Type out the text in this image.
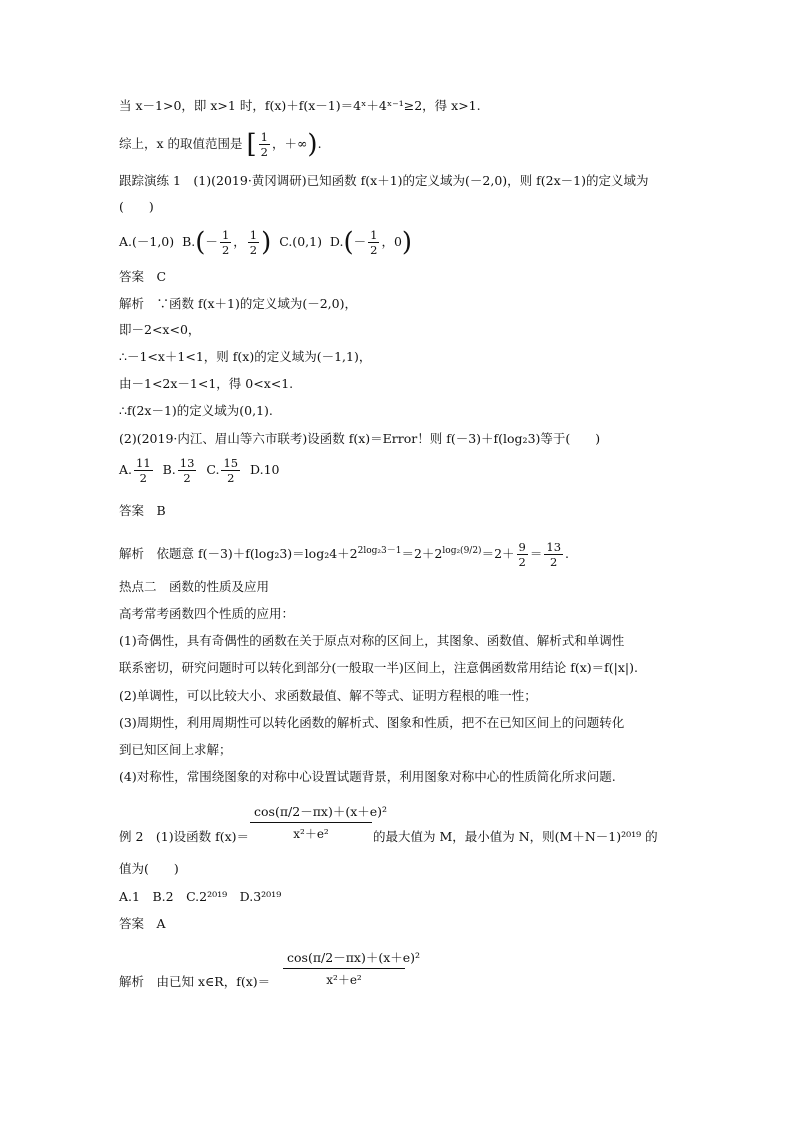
当 x－1>0，即 x>1 时，f(x)＋f(x－1)＝4ˣ＋4ˣ⁻¹≥2，得 x>1.
综上，x 的取值范围是 [ $\frac{1}{2}$ ，＋∞).
跟踪演练 1　(1)(2019·黄冈调研)已知函数 f(x＋1)的定义域为(－2,0)，则 f(2x－1)的定义域为
(　　)
A.(－1,0) $B.(- \frac{1}{2}$ ， $\frac{1}{2}$ ) C.(0,1) $D.(- \frac{1}{2}$ ，0)
答案　C
解析　∵函数 f(x＋1)的定义域为(－2,0)，
即－2<x<0，
∴－1<x＋1<1，则 f(x)的定义域为(－1,1)，
由－1<2x－1<1，得 0<x<1.
∴f(2x－1)的定义域为(0,1).
(2)(2019·内江、眉山等六市联考)设函数 f(x)＝Error！则 f(－3)＋f(log₂3)等于(　　)
A. $\frac{11}{2} B$. $\frac{13}{2} C$. $\frac{15}{2} D.10$
答案　B
解析　依题意 $f(-3)+f(\log_23)=\log_24+2^{2log_23-1}=2+2^{log_2(9/2)}=2+ \frac{9}{2} = \frac{13}{2}$ .
热点二　函数的性质及应用
高考常考函数四个性质的应用：
(1)奇偶性，具有奇偶性的函数在关于原点对称的区间上，其图象、函数值、解析式和单调性
联系密切，研究问题时可以转化到部分(一般取一半)区间上，注意偶函数常用结论 f(x)＝f(|x|).
(2)单调性，可以比较大小、求函数最值、解不等式、证明方程根的唯一性；
(3)周期性，利用周期性可以转化函数的解析式、图象和性质，把不在已知区间上的问题转化
到已知区间上求解；
(4)对称性，常围绕图象的对称中心设置试题背景，利用图象对称中心的性质简化所求问题.
例 2　(1)设函数 $f(x)= \frac{\text{cos(π/2－πx)＋(x＋e)²}}{\text{x²＋e²}}$ 的最大值为 M，最小值为 N，则(M＋N－1)²⁰¹⁹ 的
值为(　　)
A.1　B.2　C.2²⁰¹⁹　D.3²⁰¹⁹
答案　A
解析　由已知 x∈R，$f(x)= \frac{\text{cos(π/2－πx)＋(x＋e)²}}{\text{x²＋e²}}$
